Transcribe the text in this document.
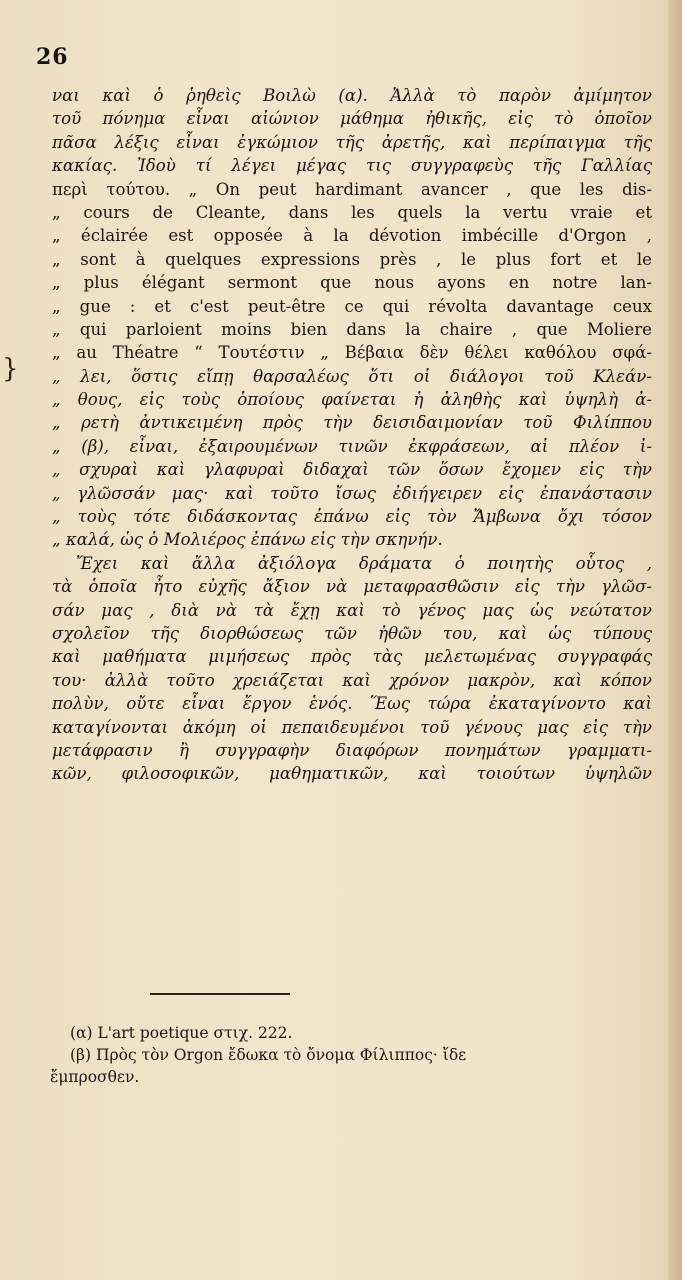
}
26
ναι καὶ ὁ ῥηθεὶς Βοιλὼ (α). Ἀλλὰ τὸ παρὸν ἀμίμητον
τοῦ πόνημα εἶναι αἰώνιον μάθημα ἠθικῆς, εἰς τὸ ὁποῖον
πᾶσα λέξις εἶναι ἐγκώμιον τῆς ἀρετῆς, καὶ περίπαιγμα τῆς
κακίας. Ἰδοὺ τί λέγει μέγας τις συγγραφεὺς τῆς Γαλλίας
περὶ τούτου. „ On peut hardimant avancer , que les dis-
„ cours de Cleante, dans les quels la vertu vraie et
„ éclairée est opposée à la dévotion imbécille d'Orgon ,
„ sont à quelques expressions près , le plus fort et le
„ plus élégant sermont que nous ayons en notre lan-
„ gue : et c'est peut-être ce qui révolta davantage ceux
„ qui parloient moins bien dans la chaire , que Moliere
„ au Théatre “ Τουτέστιν „ Βέβαια δὲν θέλει καθόλου σφά-
„ λει, ὅστις εἴπῃ θαρσαλέως ὅτι οἱ διάλογοι τοῦ Κλεάν-
„ θους, εἰς τοὺς ὁποίους φαίνεται ἡ ἀληθὴς καὶ ὑψηλὴ ἀ-
„ ρετὴ ἀντικειμένη πρὸς τὴν δεισιδαιμονίαν τοῦ Φιλίππου
„ (β), εἶναι, ἐξαιρουμένων τινῶν ἐκφράσεων, αἱ πλέον ἰ-
„ σχυραὶ καὶ γλαφυραὶ διδαχαὶ τῶν ὅσων ἔχομεν εἰς τὴν
„ γλῶσσάν μας· καὶ τοῦτο ἴσως ἐδιήγειρεν εἰς ἐπανάστασιν
„ τοὺς τότε διδάσκοντας ἐπάνω εἰς τὸν Ἄμβωνα ὄχι τόσον
„ καλά, ὡς ὁ Μολιέρος ἐπάνω εἰς τὴν σκηνήν.
Ἔχει καὶ ἄλλα ἀξιόλογα δράματα ὁ ποιητὴς οὗτος ,
τὰ ὁποῖα ἦτο εὐχῆς ἄξιον νὰ μεταφρασθῶσιν εἰς τὴν γλῶσ-
σάν μας , διὰ νὰ τὰ ἔχῃ καὶ τὸ γένος μας ὡς νεώτατον
σχολεῖον τῆς διορθώσεως τῶν ἠθῶν του, καὶ ὡς τύπους
καὶ μαθήματα μιμήσεως πρὸς τὰς μελετωμένας συγγραφάς
του· ἀλλὰ τοῦτο χρειάζεται καὶ χρόνον μακρὸν, καὶ κόπον
πολὺν, οὔτε εἶναι ἔργον ἑνός. Ἕως τώρα ἐκαταγίνοντο καὶ
καταγίνονται ἀκόμη οἱ πεπαιδευμένοι τοῦ γένους μας εἰς τὴν
μετάφρασιν ἢ συγγραφὴν διαφόρων πονημάτων γραμματι-
κῶν, φιλοσοφικῶν, μαθηματικῶν, καὶ τοιούτων ὑψηλῶν
(α) L'art poetique στιχ. 222.
(β) Πρὸς τὸν Orgon ἔδωκα τὸ ὄνομα Φίλιππος· ἴδε
ἔμπροσθεν.
